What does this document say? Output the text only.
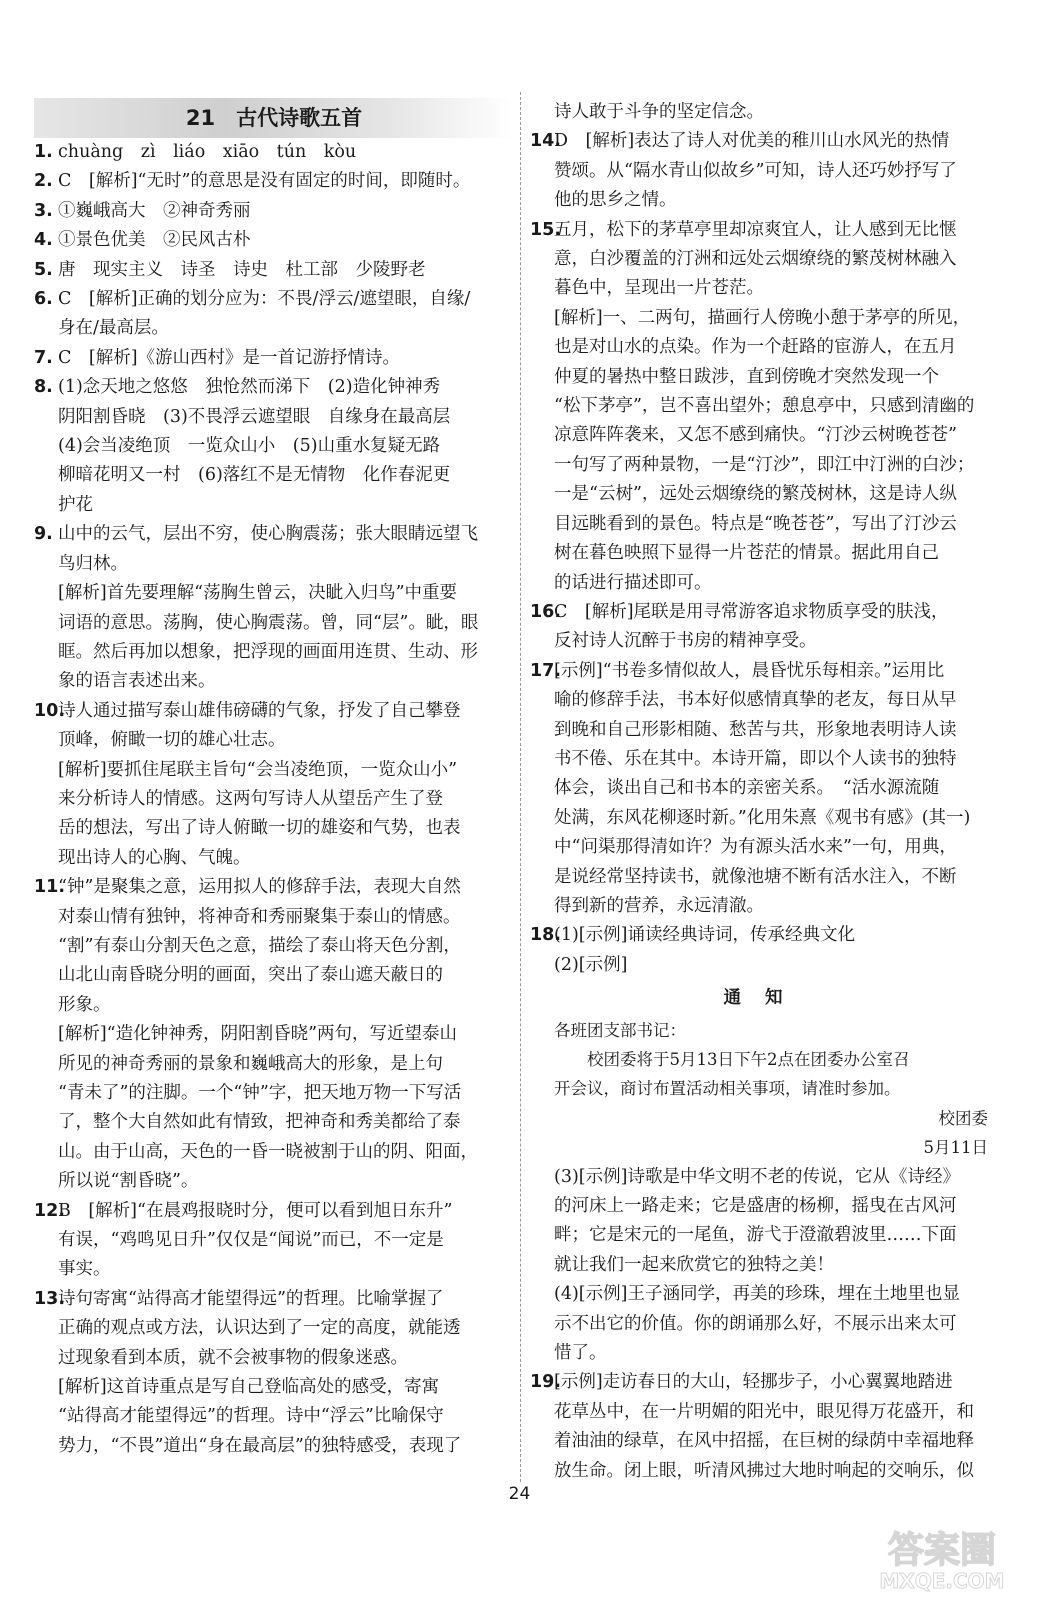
21　古代诗歌五首
1. chuàng　zì　liáo　xiāo　tún　kòu
2. C　[解析]“无时”的意思是没有固定的时间，即随时。
3. ①巍峨高大　②神奇秀丽
4. ①景色优美　②民风古朴
5. 唐　现实主义　诗圣　诗史　杜工部　少陵野老
6. C　[解析]正确的划分应为：不畏/浮云/遮望眼，自缘/
身在/最高层。
7. C　[解析]《游山西村》是一首记游抒情诗。
8. (1)念天地之悠悠　独怆然而涕下　(2)造化钟神秀
阴阳割昏晓　(3)不畏浮云遮望眼　自缘身在最高层
(4)会当凌绝顶　一览众山小　(5)山重水复疑无路
柳暗花明又一村　(6)落红不是无情物　化作春泥更
护花
9. 山中的云气，层出不穷，使心胸震荡；张大眼睛远望飞
鸟归林。
[解析]首先要理解“荡胸生曾云，决眦入归鸟”中重要
词语的意思。荡胸，使心胸震荡。曾，同“层”。眦，眼
眶。然后再加以想象，把浮现的画面用连贯、生动、形
象的语言表述出来。
10.
诗人通过描写泰山雄伟磅礴的气象，抒发了自己攀登
顶峰，俯瞰一切的雄心壮志。
[解析]要抓住尾联主旨句“会当凌绝顶，一览众山小”
来分析诗人的情感。这两句写诗人从望岳产生了登
岳的想法，写出了诗人俯瞰一切的雄姿和气势，也表
现出诗人的心胸、气魄。
11.
“钟”是聚集之意，运用拟人的修辞手法，表现大自然
对泰山情有独钟，将神奇和秀丽聚集于泰山的情感。
“割”有泰山分割天色之意，描绘了泰山将天色分割，
山北山南昏晓分明的画面，突出了泰山遮天蔽日的
形象。
[解析]“造化钟神秀，阴阳割昏晓”两句，写近望泰山
所见的神奇秀丽的景象和巍峨高大的形象，是上句
“青未了”的注脚。一个“钟”字，把天地万物一下写活
了，整个大自然如此有情致，把神奇和秀美都给了泰
山。由于山高，天色的一昏一晓被割于山的阴、阳面，
所以说“割昏晓”。
12.
B　[解析]“在晨鸡报晓时分，便可以看到旭日东升”
有误，“鸡鸣见日升”仅仅是“闻说”而已，不一定是
事实。
13.
诗句寄寓“站得高才能望得远”的哲理。比喻掌握了
正确的观点或方法，认识达到了一定的高度，就能透
过现象看到本质，就不会被事物的假象迷惑。
[解析]这首诗重点是写自己登临高处的感受，寄寓
“站得高才能望得远”的哲理。诗中“浮云”比喻保守
势力，“不畏”道出“身在最高层”的独特感受，表现了
诗人敢于斗争的坚定信念。
14.
D　[解析]表达了诗人对优美的稚川山水风光的热情
赞颂。从“隔水青山似故乡”可知，诗人还巧妙抒写了
他的思乡之情。
15.
五月，松下的茅草亭里却凉爽宜人，让人感到无比惬
意，白沙覆盖的汀洲和远处云烟缭绕的繁茂树林融入
暮色中，呈现出一片苍茫。
[解析]一、二两句，描画行人傍晚小憩于茅亭的所见，
也是对山水的点染。作为一个赶路的宦游人，在五月
仲夏的暑热中整日跋涉，直到傍晚才突然发现一个
“松下茅亭”，岂不喜出望外；憩息亭中，只感到清幽的
凉意阵阵袭来，又怎不感到痛快。“汀沙云树晚苍苍”
一句写了两种景物，一是“汀沙”，即江中汀洲的白沙；
一是“云树”，远处云烟缭绕的繁茂树林，这是诗人纵
目远眺看到的景色。特点是“晚苍苍”，写出了汀沙云
树在暮色映照下显得一片苍茫的情景。据此用自己
的话进行描述即可。
16.
C　[解析]尾联是用寻常游客追求物质享受的肤浅，
反衬诗人沉醉于书房的精神享受。
17.
[示例]“书卷多情似故人，晨昏忧乐每相亲。”运用比
喻的修辞手法，书本好似感情真挚的老友，每日从早
到晚和自己形影相随、愁苦与共，形象地表明诗人读
书不倦、乐在其中。本诗开篇，即以个人读书的独特
体会，谈出自己和书本的亲密关系。　“活水源流随
处满，东风花柳逐时新。”化用朱熹《观书有感》(其一)
中“问渠那得清如许？为有源头活水来”一句，用典，
是说经常坚持读书，就像池塘不断有活水注入，不断
得到新的营养，永远清澈。
18.
(1)[示例]诵读经典诗词，传承经典文化
(2)[示例]
通知

各班团支部书记：

校团委将于5月13日下午2点在团委办公室召

开会议，商讨布置活动相关事项，请准时参加。

校团委

5月11日

(3)[示例]诗歌是中华文明不老的传说，它从《诗经》
的河床上一路走来；它是盛唐的杨柳，摇曳在古风河
畔；它是宋元的一尾鱼，游弋于澄澈碧波里……下面
就让我们一起来欣赏它的独特之美！
(4)[示例]王子涵同学，再美的珍珠，埋在土地里也显
示不出它的价值。你的朗诵那么好，不展示出来太可
惜了。
19.
[示例]走访春日的大山，轻挪步子，小心翼翼地踏进
花草丛中，在一片明媚的阳光中，眼见得万花盛开，和
着油油的绿草，在风中招摇，在巨树的绿荫中幸福地释
放生命。闭上眼，听清风拂过大地时响起的交响乐，似
24
答案圈
MXQE.COM
